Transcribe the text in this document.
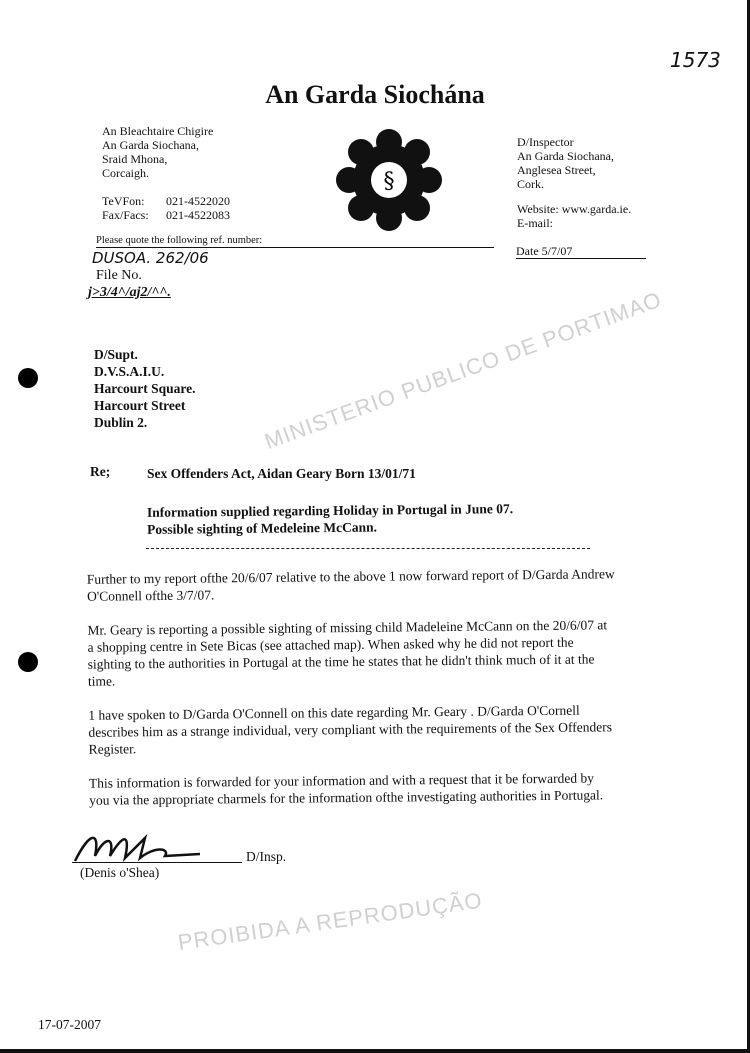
1573
An Garda Siochána
An Bleachtaire Chigire
An Garda Siochana,
Sraid Mhona,
Corcaigh.
TeVFon: 021-4522020
Fax/Facs: 021-4522083
§
D/Inspector
An Garda Siochana,
Anglesea Street,
Cork.
Website: www.garda.ie.
E-mail:
Please quote the following ref. number:
Date 5/7/07
DUSOA. 262/06
File No.
j>3/4^/aj2/^^.
D/Supt.
D.V.S.A.I.U.
Harcourt Square.
Harcourt Street
Dublin 2.
Re;	Sex Offenders Act, Aidan Geary Born 13/01/71
Information supplied regarding Holiday in Portugal in June 07.
Possible sighting of Medeleine McCann.

Further to my report ofthe 20/6/07 relative to the above 1 now forward report of D/Garda Andrew O'Connell ofthe 3/7/07.

Mr. Geary is reporting a possible sighting of missing child Madeleine McCann on the 20/6/07 at a shopping centre in Sete Bicas (see attached map). When asked why he did not report the sighting to the authorities in Portugal at the time he states that he didn't think much of it at the time.

1 have spoken to D/Garda O'Connell on this date regarding Mr. Geary . D/Garda O'Cornell describes him as a strange individual, very compliant with the requirements of the Sex Offenders Register.

This information is forwarded for your information and with a request that it be forwarded by you via the appropriate charmels for the information ofthe investigating authorities in Portugal.

D/Insp.
(Denis o'Shea)
17-07-2007
MINISTERIO PUBLICO DE PORTIMAO
PROIBIDA A REPRODUÇÃO
